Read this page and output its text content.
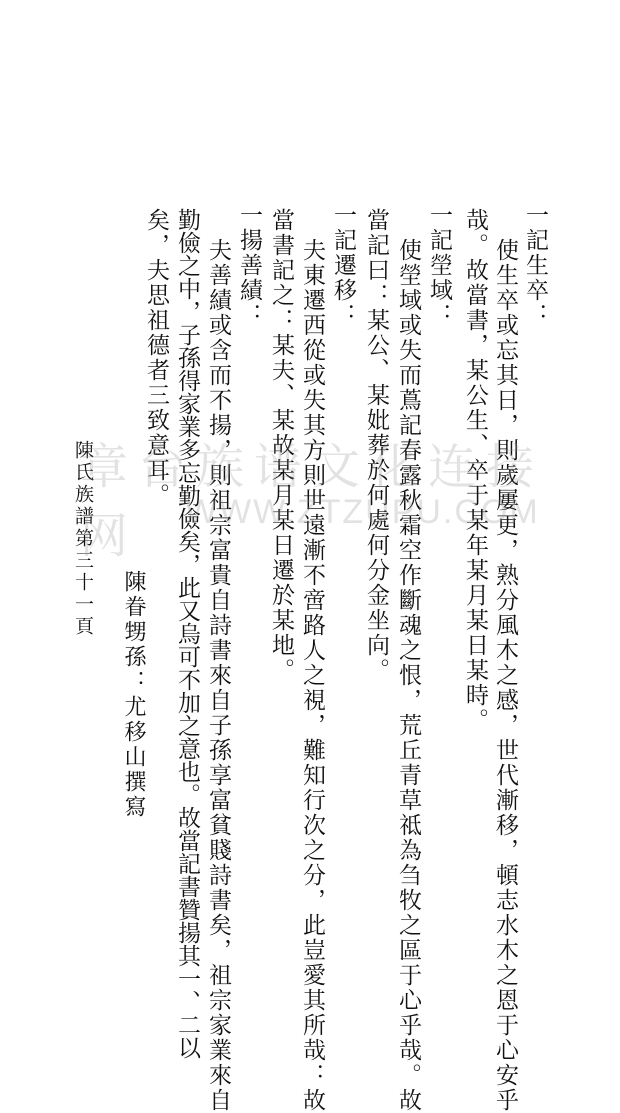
一記生卒：
使生卒或忘其日，則歲屢更，熟分風木之感，世代漸移，頓志水木之恩于心安乎
哉。故當書，某公生、卒于某年某月某日某時。
一記塋域：
使塋域或失而蔦記春露秋霜空作斷魂之恨，荒丘青草祗為刍牧之區于心乎哉。故
當記曰：某公、某妣葬於何處何分金坐向。
一記遷移：
夫東遷西從或失其方則世遠漸不啻路人之視，難知行次之分，此豈愛其所哉：故
當書記之：某夫、某故某月某日遷於某地。
一揚善績：
夫善績或含而不揚，則祖宗富貴自詩書來自子孫享富貧賤詩書矣，祖宗家業來自
勤儉之中，子孫得家業多忘勤儉矣，此又烏可不加之意也。故當記書贊揚其一、二以
矣，夫思祖德者三致意耳。
陳眷甥孫：尤移山撰寫
陳氏族譜第三十一頁
章台族谱文化连接网	WWW.ZTZUPU.COM
